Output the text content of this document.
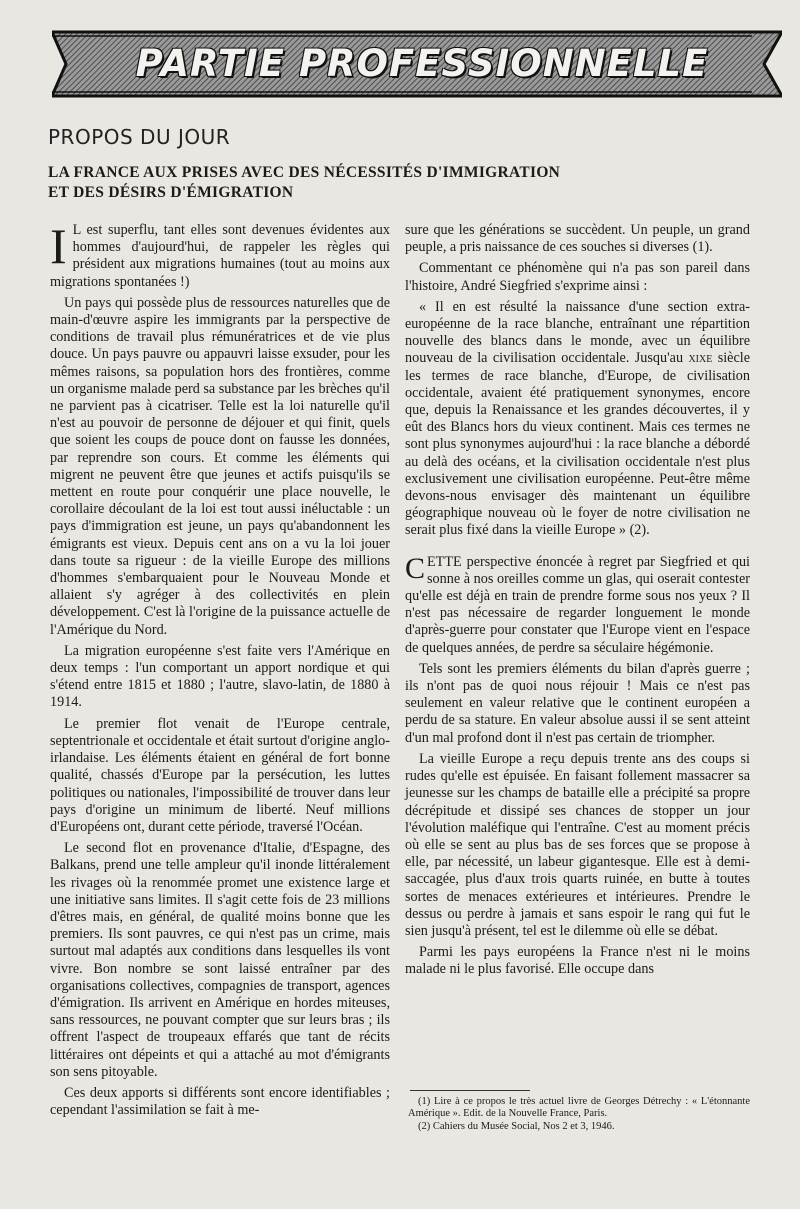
PARTIE PROFESSIONNELLE
PROPOS DU JOUR
LA FRANCE AUX PRISES AVEC DES NÉCESSITÉS D'IMMIGRATION
ET DES DÉSIRS D'ÉMIGRATION

I L est superflu, tant elles sont devenues évidentes aux hommes d'aujourd'hui, de rappeler les règles qui président aux migrations humaines (tout au moins aux migrations spontanées !)

Un pays qui possède plus de ressources naturelles que de main-d'œuvre aspire les immigrants par la perspective de conditions de travail plus rémunératrices et de vie plus douce. Un pays pauvre ou appauvri laisse exsuder, pour les mêmes raisons, sa population hors des frontières, comme un organisme malade perd sa substance par les brèches qu'il ne parvient pas à cicatriser. Telle est la loi naturelle qu'il n'est au pouvoir de personne de déjouer et qui finit, quels que soient les coups de pouce dont on fausse les données, par reprendre son cours. Et comme les éléments qui migrent ne peuvent être que jeunes et actifs puisqu'ils se mettent en route pour conquérir une place nouvelle, le corollaire découlant de la loi est tout aussi inéluctable : un pays d'immigration est jeune, un pays qu'abandonnent les émigrants est vieux. Depuis cent ans on a vu la loi jouer dans toute sa rigueur : de la vieille Europe des millions d'hommes s'embarquaient pour le Nouveau Monde et allaient s'y agréger à des collectivités en plein développement. C'est là l'origine de la puissance actuelle de l'Amérique du Nord.

La migration européenne s'est faite vers l'Amérique en deux temps : l'un comportant un apport nordique et qui s'étend entre 1815 et 1880 ; l'autre, slavo-latin, de 1880 à 1914.

Le premier flot venait de l'Europe centrale, septentrionale et occidentale et était surtout d'origine anglo-irlandaise. Les éléments étaient en général de fort bonne qualité, chassés d'Europe par la persécution, les luttes politiques ou nationales, l'impossibilité de trouver dans leur pays d'origine un minimum de liberté. Neuf millions d'Européens ont, durant cette période, traversé l'Océan.

Le second flot en provenance d'Italie, d'Espagne, des Balkans, prend une telle ampleur qu'il inonde littéralement les rivages où la renommée promet une existence large et une initiative sans limites. Il s'agit cette fois de 23 millions d'êtres mais, en général, de qualité moins bonne que les premiers. Ils sont pauvres, ce qui n'est pas un crime, mais surtout mal adaptés aux conditions dans lesquelles ils vont vivre. Bon nombre se sont laissé entraîner par des organisations collectives, compagnies de transport, agences d'émigration. Ils arrivent en Amérique en hordes miteuses, sans ressources, ne pouvant compter que sur leurs bras ; ils offrent l'aspect de troupeaux effarés que tant de récits littéraires ont dépeints et qui a attaché au mot d'émigrants son sens pitoyable.

Ces deux apports si différents sont encore identifiables ; cependant l'assimilation se fait à me-

sure que les générations se succèdent. Un peuple, un grand peuple, a pris naissance de ces souches si diverses (1).

Commentant ce phénomène qui n'a pas son pareil dans l'histoire, André Siegfried s'exprime ainsi :

« Il en est résulté la naissance d'une section extra-européenne de la race blanche, entraînant une répartition nouvelle des blancs dans le monde, avec un équilibre nouveau de la civilisation occidentale. Jusqu'au xixe siècle les termes de race blanche, d'Europe, de civilisation occidentale, avaient été pratiquement synonymes, encore que, depuis la Renaissance et les grandes découvertes, il y eût des Blancs hors du vieux continent. Mais ces termes ne sont plus synonymes aujourd'hui : la race blanche a débordé au delà des océans, et la civilisation occidentale n'est plus exclusivement une civilisation européenne. Peut-être même devons-nous envisager dès maintenant un équilibre géographique nouveau où le foyer de notre civilisation ne serait plus fixé dans la vieille Europe » (2).

CETTE perspective énoncée à regret par Siegfried et qui sonne à nos oreilles comme un glas, qui oserait contester qu'elle est déjà en train de prendre forme sous nos yeux ? Il n'est pas nécessaire de regarder longuement le monde d'après-guerre pour constater que l'Europe vient en l'espace de quelques années, de perdre sa séculaire hégémonie.

Tels sont les premiers éléments du bilan d'après guerre ; ils n'ont pas de quoi nous réjouir ! Mais ce n'est pas seulement en valeur relative que le continent européen a perdu de sa stature. En valeur absolue aussi il se sent atteint d'un mal profond dont il n'est pas certain de triompher.

La vieille Europe a reçu depuis trente ans des coups si rudes qu'elle est épuisée. En faisant follement massacrer sa jeunesse sur les champs de bataille elle a précipité sa propre décrépitude et dissipé ses chances de stopper un jour l'évolution maléfique qui l'entraîne. C'est au moment précis où elle se sent au plus bas de ses forces que se propose à elle, par nécessité, un labeur gigantesque. Elle est à demi-saccagée, plus d'aux trois quarts ruinée, en butte à toutes sortes de menaces extérieures et intérieures. Prendre le dessus ou perdre à jamais et sans espoir le rang qui fut le sien jusqu'à présent, tel est le dilemme où elle se débat.

Parmi les pays européens la France n'est ni le moins malade ni le plus favorisé. Elle occupe dans

(1) Lire à ce propos le très actuel livre de Georges Détrechy : « L'étonnante Amérique ». Edit. de la Nouvelle France, Paris.

(2) Cahiers du Musée Social, Nos 2 et 3, 1946.
